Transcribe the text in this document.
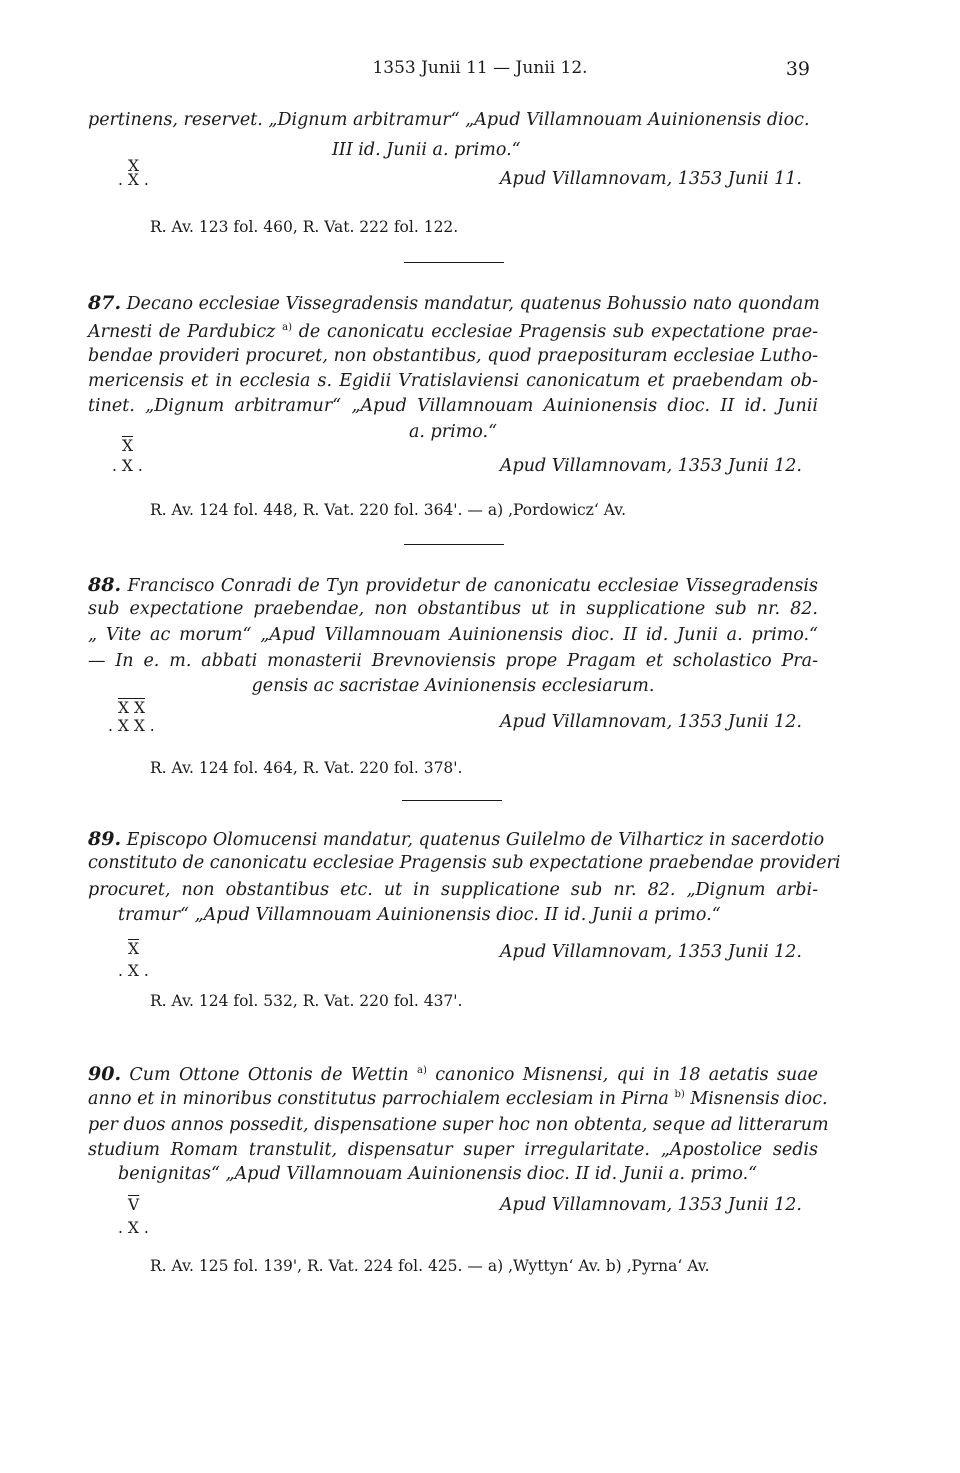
1353 Junii 11 — Junii 12.	39
pertinens, reservet. „Dignum arbitramur“ „Apud Villamnouam Auinionensis dioc.
III id. Junii a. primo.“
X
. X .	Apud Villamnovam, 1353 Junii 11.
R. Av. 123 fol. 460, R. Vat. 222 fol. 122.
87. Decano ecclesiae Vissegradensis mandatur, quatenus Bohussio nato quondam
Arnesti de Pardubicz $^{a)}$ de canonicatu ecclesiae Pragensis sub expectatione prae-
bendae provideri procuret, non obstantibus, quod praeposituram ecclesiae Lutho-
mericensis et in ecclesia s. Egidii Vratislaviensi canonicatum et praebendam ob-
tinet. „Dignum arbitramur“ „Apud Villamnouam Auinionensis dioc. II id. Junii
a. primo.“
$\overline{X}$
. X .	Apud Villamnovam, 1353 Junii 12.
R. Av. 124 fol. 448, R. Vat. 220 fol. 364'. — a) ‚Pordowicz‘ Av.
88. Francisco Conradi de Tyn providetur de canonicatu ecclesiae Vissegradensis
sub expectatione praebendae, non obstantibus ut in supplicatione sub nr. 82.
„ Vite ac morum“ „Apud Villamnouam Auinionensis dioc. II id. Junii a. primo.“
— In e. m. abbati monasterii Brevnoviensis prope Pragam et scholastico Pra-
gensis ac sacristae Avinionensis ecclesiarum.
X X
. X X .	Apud Villamnovam, 1353 Junii 12.
R. Av. 124 fol. 464, R. Vat. 220 fol. 378'.
89. Episcopo Olomucensi mandatur, quatenus Guilelmo de Vilharticz in sacerdotio
constituto de canonicatu ecclesiae Pragensis sub expectatione praebendae provideri
procuret, non obstantibus etc. ut in supplicatione sub nr. 82. „Dignum arbi-
tramur“ „Apud Villamnouam Auinionensis dioc. II id. Junii a primo.“
$\overline{X}$
. X .
Apud Villamnovam, 1353 Junii 12.
R. Av. 124 fol. 532, R. Vat. 220 fol. 437'.
90. Cum Ottone Ottonis de Wettin $^{a)}$ canonico Misnensi, qui in 18 aetatis suae
anno et in minoribus constitutus parrochialem ecclesiam in Pirna $^{b)}$ Misnensis dioc.
per duos annos possedit, dispensatione super hoc non obtenta, seque ad litterarum
studium Romam transtulit, dispensatur super irregularitate. „Apostolice sedis
benignitas“ „Apud Villamnouam Auinionensis dioc. II id. Junii a. primo.“
$\overline{V}$
. X .
Apud Villamnovam, 1353 Junii 12.
R. Av. 125 fol. 139', R. Vat. 224 fol. 425. — a) ‚Wyttyn‘ Av. b) ‚Pyrna‘ Av.
